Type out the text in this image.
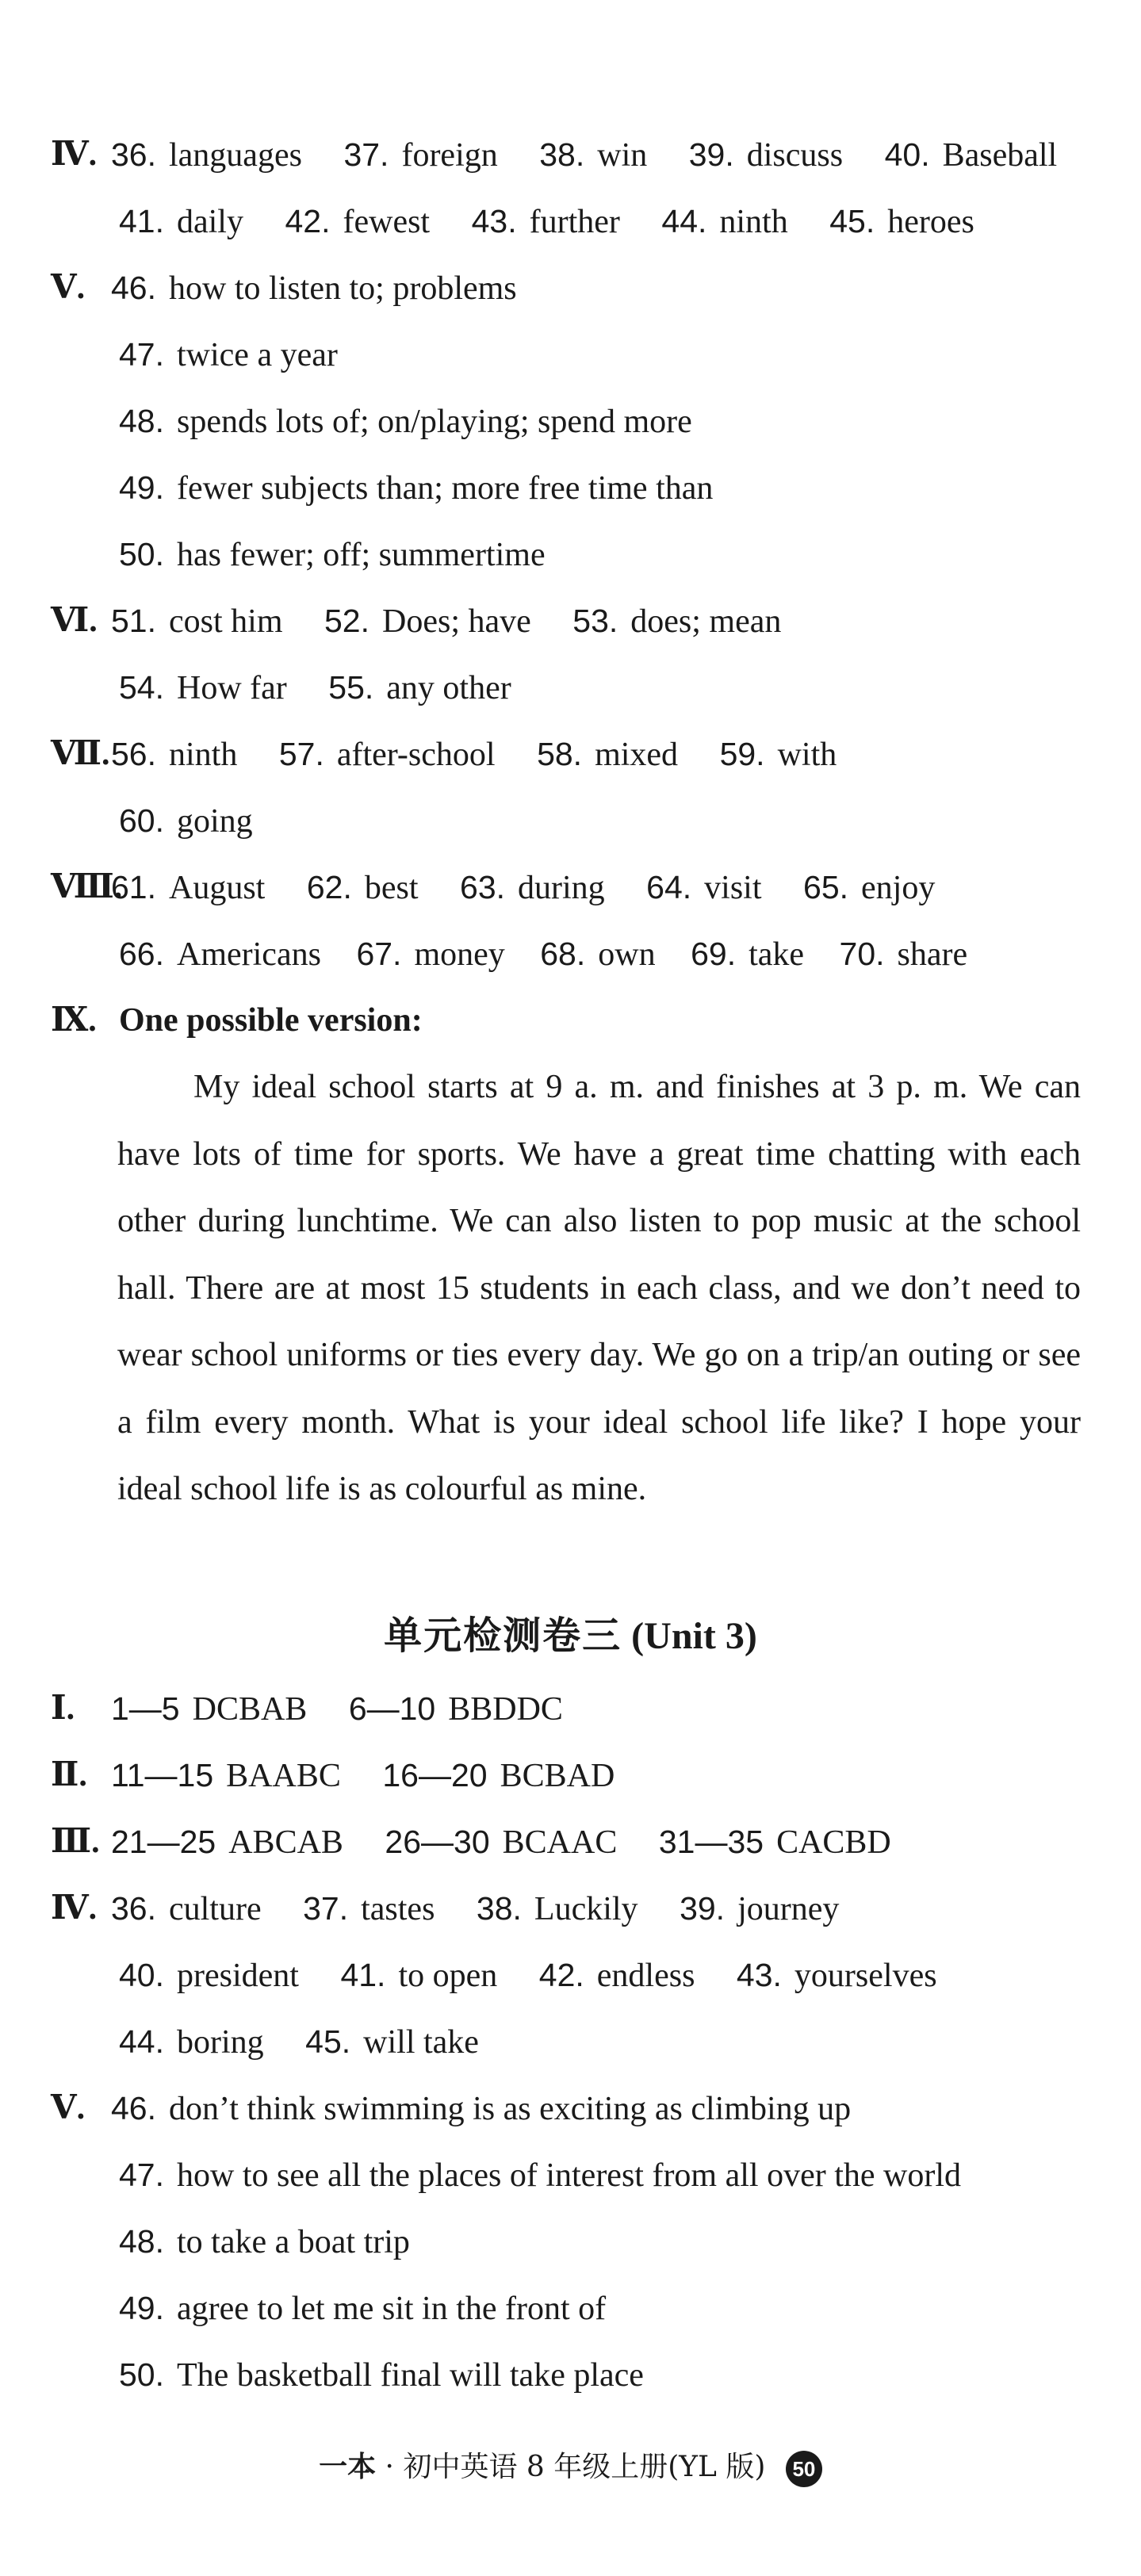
Ⅳ. 36. languages 37. foreign 38. win 39. discuss 40. Baseball
41. daily 42. fewest 43. further 44. ninth 45. heroes
Ⅴ. 46. how to listen to; problems
47. twice a year
48. spends lots of; on/playing; spend more
49. fewer subjects than; more free time than
50. has fewer; off; summertime
Ⅵ. 51. cost him 52. Does; have 53. does; mean
54. How far 55. any other
Ⅶ. 56. ninth 57. after-school 58. mixed 59. with
60. going
Ⅷ.
61. August 62. best 63. during 64. visit 65. enjoy
66. Americans 67. money 68. own 69. take 70. share
Ⅸ. One possible version:
My ideal school starts at 9 a. m. and finishes at 3 p. m. We can have lots of time for sports. We have a great time chatting with each other during lunchtime. We can also listen to pop music at the school hall. There are at most 15 students in each class, and we don’t need to wear school uniforms or ties every day. We go on a trip/an outing or see a film every month. What is your ideal school life like? I hope your ideal school life is as colourful as mine.
单元检测卷三 (Unit 3)
Ⅰ. 1—5 DCBAB 6—10 BBDDC
Ⅱ. 11—15 BAABC 16—20 BCBAD
Ⅲ. 21—25 ABCAB 26—30 BCAAC 31—35 CACBD
Ⅳ. 36. culture 37. tastes 38. Luckily 39. journey
40. president 41. to open 42. endless 43. yourselves
44. boring 45. will take
Ⅴ. 46. don’t think swimming is as exciting as climbing up
47. how to see all the places of interest from all over the world
48. to take a boat trip
49. agree to let me sit in the front of
50. The basketball final will take place
一本 · 初中英语 8 年级上册(YL 版) 50
